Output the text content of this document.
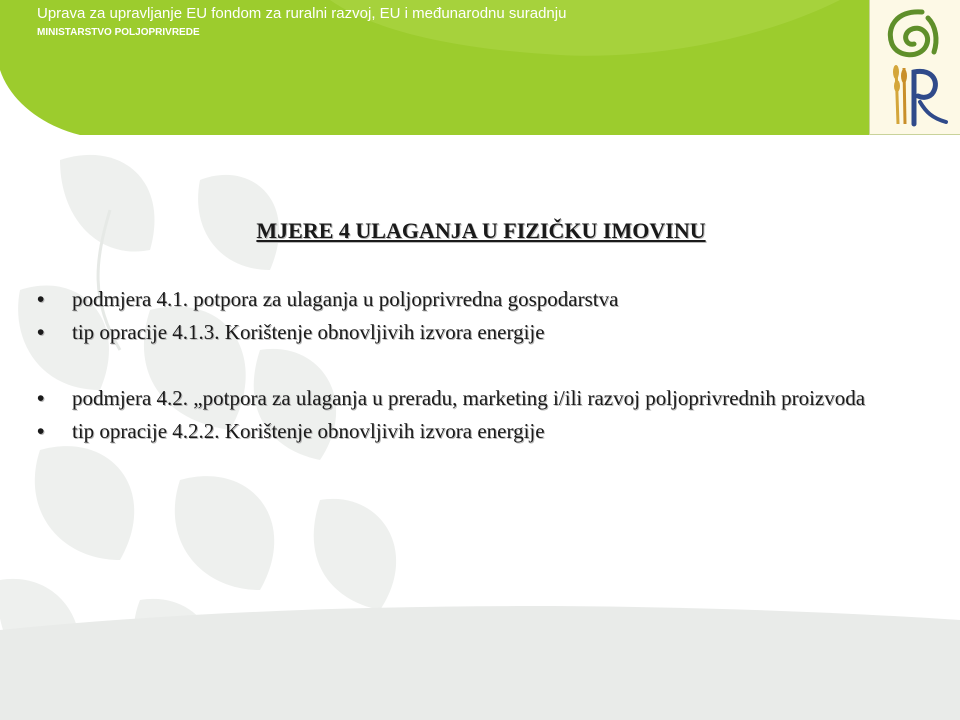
Uprava za upravljanje EU fondom za ruralni razvoj, EU i međunarodnu suradnju
MINISTARSTVO POLJOPRIVREDE
MJERE 4 ULAGANJA U FIZIČKU IMOVINU
• podmjera 4.1. potpora za ulaganja u poljoprivredna gospodarstva
• tip opracije 4.1.3. Korištenje obnovljivih izvora energije
• podmjera 4.2. „potpora za ulaganja u preradu, marketing i/ili razvoj poljoprivrednih proizvoda
• tip opracije 4.2.2. Korištenje obnovljivih izvora energije
